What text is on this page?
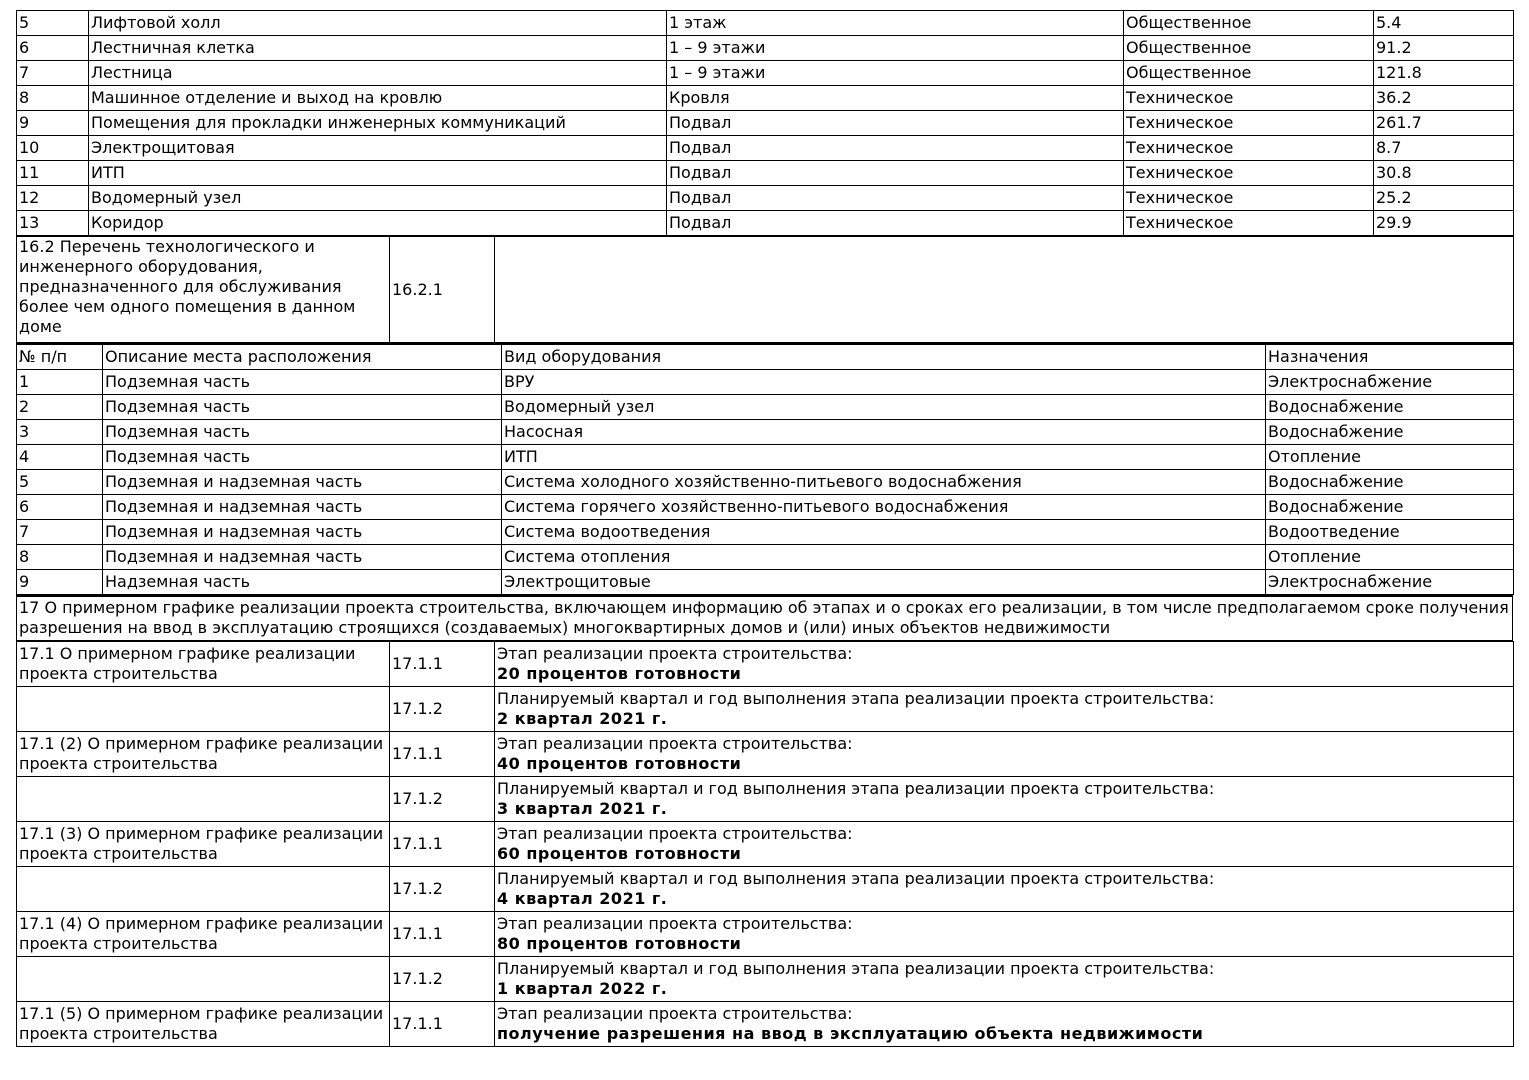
5	Лифтовой холл	1 этаж	Общественное	5.4
6	Лестничная клетка	1 – 9 этажи	Общественное	91.2
7	Лестница	1 – 9 этажи	Общественное	121.8
8	Машинное отделение и выход на кровлю	Кровля	Техническое	36.2
9	Помещения для прокладки инженерных коммуникаций	Подвал	Техническое	261.7
10	Электрощитовая	Подвал	Техническое	8.7
11	ИТП	Подвал	Техническое	30.8
12	Водомерный узел	Подвал	Техническое	25.2
13	Коридор	Подвал	Техническое	29.9
16.2 Перечень технологического и инженерного оборудования, предназначенного для обслуживания более чем одного помещения в данном доме	16.2.1	
№ п/п	Описание места расположения	Вид оборудования	Назначения
1	Подземная часть	ВРУ	Электроснабжение
2	Подземная часть	Водомерный узел	Водоснабжение
3	Подземная часть	Насосная	Водоснабжение
4	Подземная часть	ИТП	Отопление
5	Подземная и надземная часть	Система холодного хозяйственно-питьевого водоснабжения	Водоснабжение
6	Подземная и надземная часть	Система горячего хозяйственно-питьевого водоснабжения	Водоснабжение
7	Подземная и надземная часть	Система водоотведения	Водоотведение
8	Подземная и надземная часть	Система отопления	Отопление
9	Надземная часть	Электрощитовые	Электроснабжение
17 О примерном графике реализации проекта строительства, включающем информацию об этапах и о сроках его реализации, в том числе предполагаемом сроке получения разрешения на ввод в эксплуатацию строящихся (создаваемых) многоквартирных домов и (или) иных объектов недвижимости
17.1 О примерном графике реализации проекта строительства	17.1.1	Этап реализации проекта строительства:
20 процентов готовности

	17.1.2	Планируемый квартал и год выполнения этапа реализации проекта строительства:
2 квартал 2021 г.

17.1 (2) О примерном графике реализации проекта строительства	17.1.1	Этап реализации проекта строительства:
40 процентов готовности

	17.1.2	Планируемый квартал и год выполнения этапа реализации проекта строительства:
3 квартал 2021 г.

17.1 (3) О примерном графике реализации проекта строительства	17.1.1	Этап реализации проекта строительства:
60 процентов готовности

	17.1.2	Планируемый квартал и год выполнения этапа реализации проекта строительства:
4 квартал 2021 г.

17.1 (4) О примерном графике реализации проекта строительства	17.1.1	Этап реализации проекта строительства:
80 процентов готовности

	17.1.2	Планируемый квартал и год выполнения этапа реализации проекта строительства:
1 квартал 2022 г.

17.1 (5) О примерном графике реализации проекта строительства	17.1.1	Этап реализации проекта строительства:
получение разрешения на ввод в эксплуатацию объекта недвижимости
